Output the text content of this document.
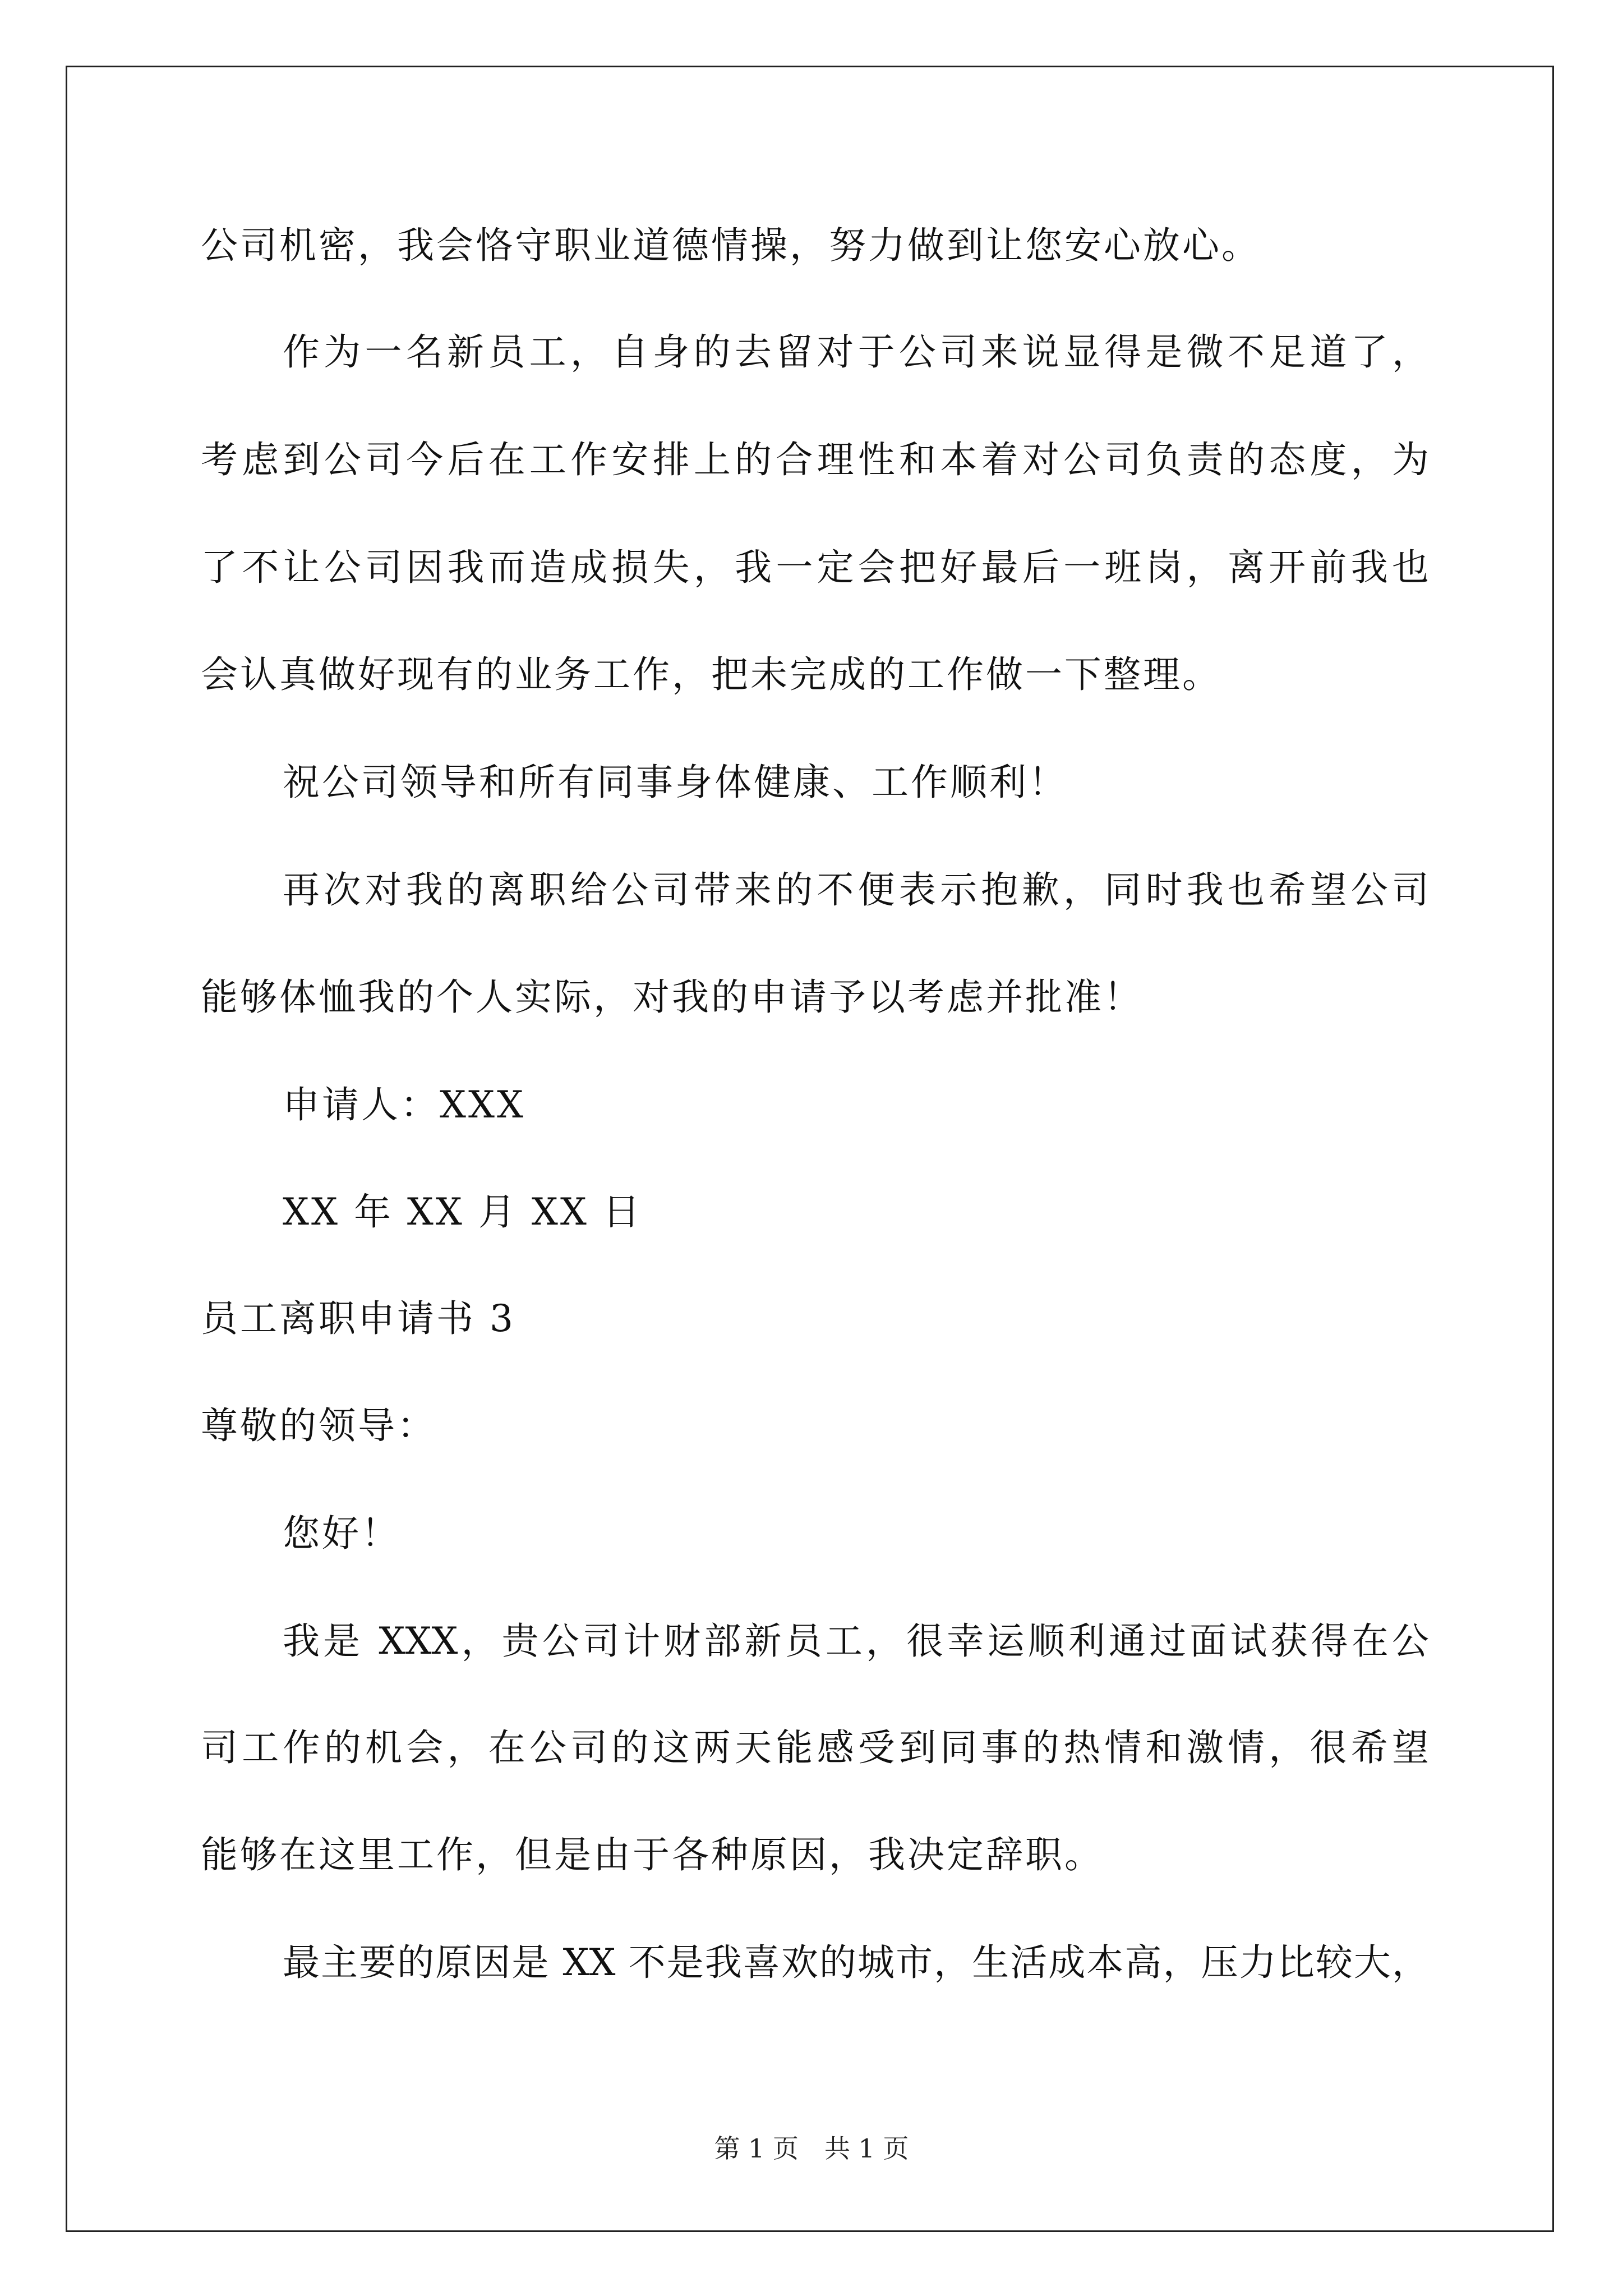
公司机密，我会恪守职业道德情操，努力做到让您安心放心。
作为一名新员工，自身的去留对于公司来说显得是微不足道了，
考虑到公司今后在工作安排上的合理性和本着对公司负责的态度，为
了不让公司因我而造成损失，我一定会把好最后一班岗，离开前我也
会认真做好现有的业务工作，把未完成的工作做一下整理。
祝公司领导和所有同事身体健康、工作顺利！
再次对我的离职给公司带来的不便表示抱歉，同时我也希望公司
能够体恤我的个人实际，对我的申请予以考虑并批准！
申请人：XXX
XX 年 XX 月 XX 日
员工离职申请书 3
尊敬的领导：
您好！
我是 XXX，贵公司计财部新员工，很幸运顺利通过面试获得在公
司工作的机会，在公司的这两天能感受到同事的热情和激情，很希望
能够在这里工作，但是由于各种原因，我决定辞职。
最主要的原因是 XX 不是我喜欢的城市，生活成本高，压力比较大，
第 1 页　共 1 页
